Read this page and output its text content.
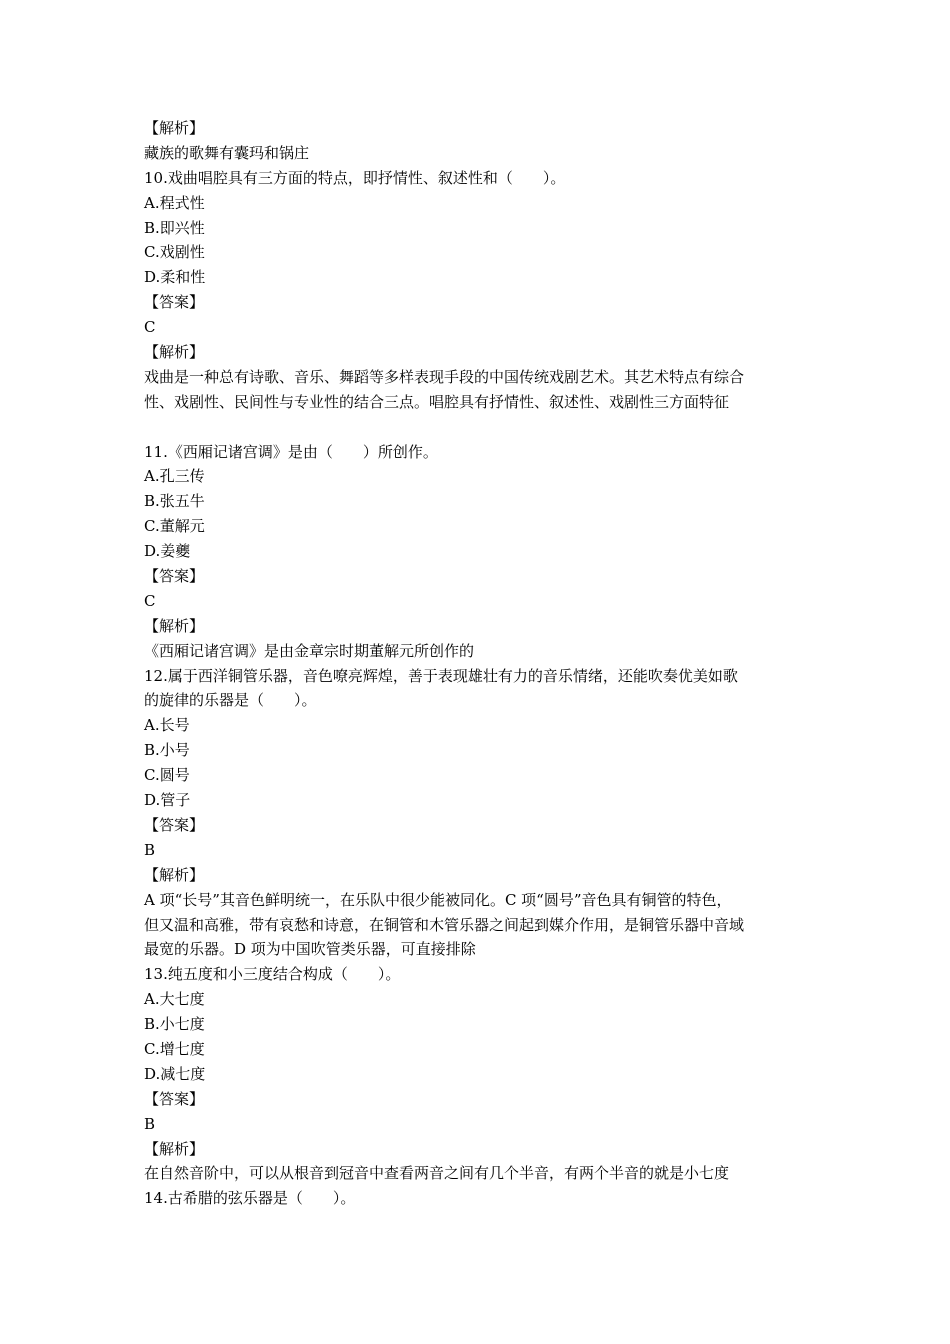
【解析】
藏族的歌舞有囊玛和锅庄
10.戏曲唱腔具有三方面的特点，即抒情性、叙述性和（　　）。
A.程式性
B.即兴性
C.戏剧性
D.柔和性
【答案】
C
【解析】
戏曲是一种总有诗歌、音乐、舞蹈等多样表现手段的中国传统戏剧艺术。其艺术特点有综合
性、戏剧性、民间性与专业性的结合三点。唱腔具有抒情性、叙述性、戏剧性三方面特征
11.《西厢记诸宫调》是由（　　）所创作。
A.孔三传
B.张五牛
C.董解元
D.姜夔
【答案】
C
【解析】
《西厢记诸宫调》是由金章宗时期董解元所创作的
12.属于西洋铜管乐器，音色嘹亮辉煌，善于表现雄壮有力的音乐情绪，还能吹奏优美如歌
的旋律的乐器是（　　）。
A.长号
B.小号
C.圆号
D.管子
【答案】
B
【解析】
A 项“长号”其音色鲜明统一，在乐队中很少能被同化。C 项“圆号”音色具有铜管的特色，
但又温和高雅，带有哀愁和诗意，在铜管和木管乐器之间起到媒介作用，是铜管乐器中音域
最宽的乐器。D 项为中国吹管类乐器，可直接排除
13.纯五度和小三度结合构成（　　）。
A.大七度
B.小七度
C.增七度
D.减七度
【答案】
B
【解析】
在自然音阶中，可以从根音到冠音中查看两音之间有几个半音，有两个半音的就是小七度
14.古希腊的弦乐器是（　　）。
